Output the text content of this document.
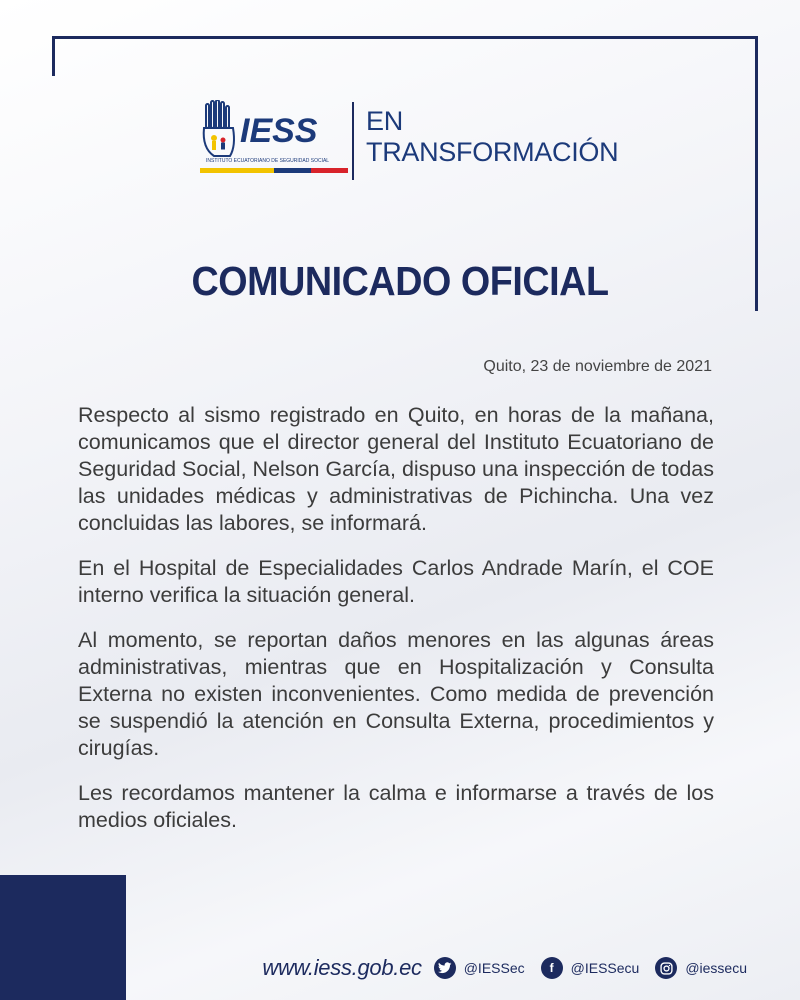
IESS
INSTITUTO ECUATORIANO DE SEGURIDAD SOCIAL
EN
TRANSFORMACIÓN
COMUNICADO OFICIAL
Quito, 23 de noviembre de 2021

Respecto al sismo registrado en Quito, en horas de la mañana, comunicamos que el director general del Instituto Ecuatoriano de Seguridad Social, Nelson García, dispuso una inspección de todas las unidades médicas y administrativas de Pichincha. Una vez concluidas las labores, se informará.

En el Hospital de Especialidades Carlos Andrade Marín, el COE interno verifica la situación general.

Al momento, se reportan daños menores en las algunas áreas administrativas, mientras que en Hospitalización y Consulta Externa no existen inconvenientes. Como medida de prevención se suspendió la atención en Consulta Externa, procedimientos y cirugías.

Les recordamos mantener la calma e informarse a través de los medios oficiales.

www.iess.gob.ec	@IESSec	f	@IESSecu	@iessecu
